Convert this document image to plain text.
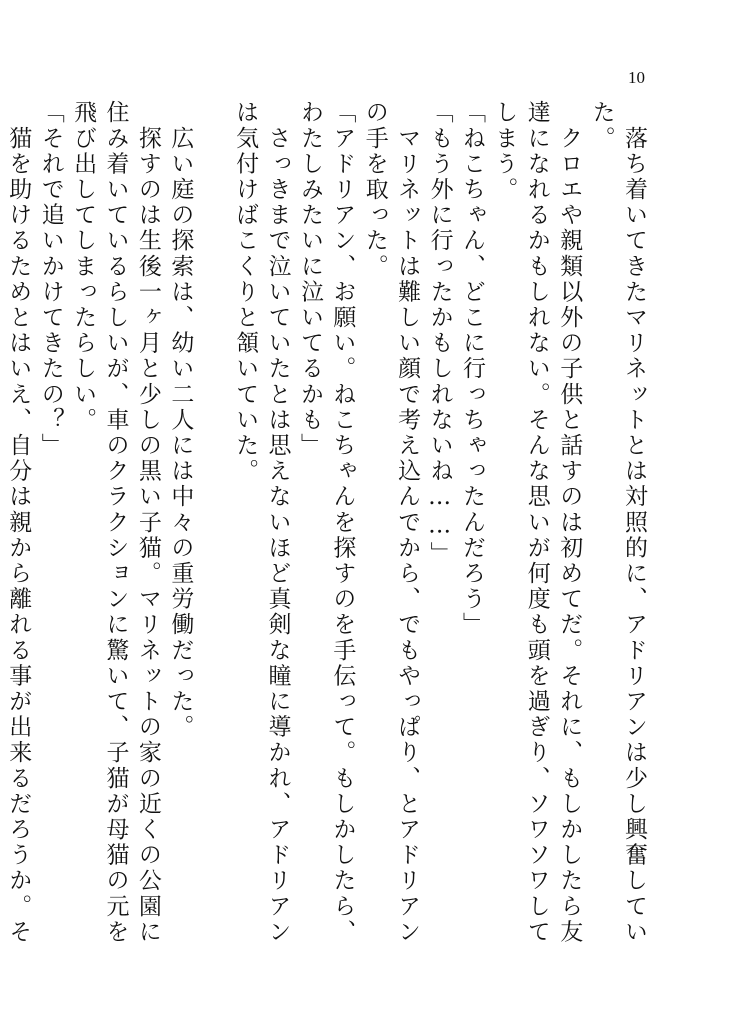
10

　落ち着いてきたマリネットとは対照的に、アドリアンは少し興奮していた。

　クロエや親類以外の子供と話すのは初めてだ。それに、もしかしたら友達になれるかもしれない。そんな思いが何度も頭を過ぎり、ソワソワしてしまう。

「ねこちゃん、どこに行っちゃったんだろう」

「もう外に行ったかもしれないね……」

　マリネットは難しい顔で考え込んでから、でもやっぱり、とアドリアンの手を取った。

「アドリアン、お願い。ねこちゃんを探すのを手伝って。もしかしたら、わたしみたいに泣いてるかも」

　さっきまで泣いていたとは思えないほど真剣な瞳に導かれ、アドリアンは気付けばこくりと頷いていた。

　広い庭の探索は、幼い二人には中々の重労働だった。

　探すのは生後一ヶ月と少しの黒い子猫。マリネットの家の近くの公園に住み着いているらしいが、車のクラクションに驚いて、子猫が母猫の元を飛び出してしまったらしい。

「それで追いかけてきたの？」

　猫を助けるためとはいえ、自分は親から離れる事が出来るだろうか。そ
